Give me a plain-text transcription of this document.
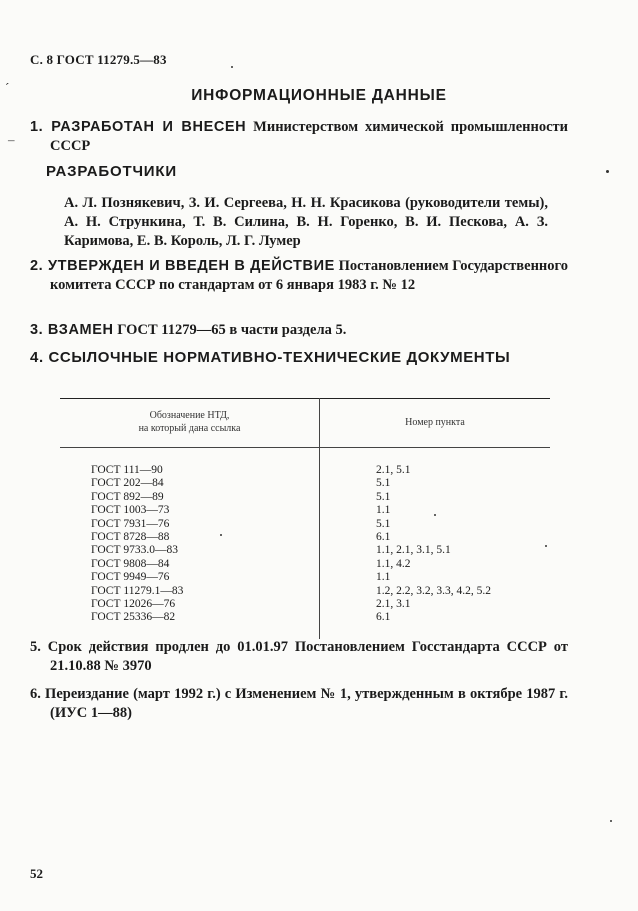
С. 8 ГОСТ 11279.5—83
ИНФОРМАЦИОННЫЕ ДАННЫЕ
1. РАЗРАБОТАН И ВНЕСЕН Министерством химической промышленности СССР
РАЗРАБОТЧИКИ
А. Л. Познякевич, З. И. Сергеева, Н. Н. Красикова (руководители темы), А. Н. Стрункина, Т. В. Силина, В. Н. Горенко, В. И. Пескова, А. З. Каримова, Е. В. Король, Л. Г. Лумер
2. УТВЕРЖДЕН И ВВЕДЕН В ДЕЙСТВИЕ Постановлением Государственного комитета СССР по стандартам от 6 января 1983 г. № 12
3. ВЗАМЕН ГОСТ 11279—65 в части раздела 5.
4. ССЫЛОЧНЫЕ НОРМАТИВНО-ТЕХНИЧЕСКИЕ ДОКУМЕНТЫ
Обозначение НТД,
на который дана ссылка	Номер пункта
ГОСТ 111—90	2.1, 5.1
ГОСТ 202—84	5.1
ГОСТ 892—89	5.1
ГОСТ 1003—73	1.1
ГОСТ 7931—76	5.1
ГОСТ 8728—88	6.1
ГОСТ 9733.0—83	1.1, 2.1, 3.1, 5.1
ГОСТ 9808—84	1.1, 4.2
ГОСТ 9949—76	1.1
ГОСТ 11279.1—83	1.2, 2.2, 3.2, 3.3, 4.2, 5.2
ГОСТ 12026—76	2.1, 3.1
ГОСТ 25336—82	6.1
5. Срок действия продлен до 01.01.97 Постановлением Госстандарта СССР от 21.10.88 № 3970
6. Переиздание (март 1992 г.) с Изменением № 1, утвержденным в октябре 1987 г. (ИУС 1—88)
52
ˊ
–
